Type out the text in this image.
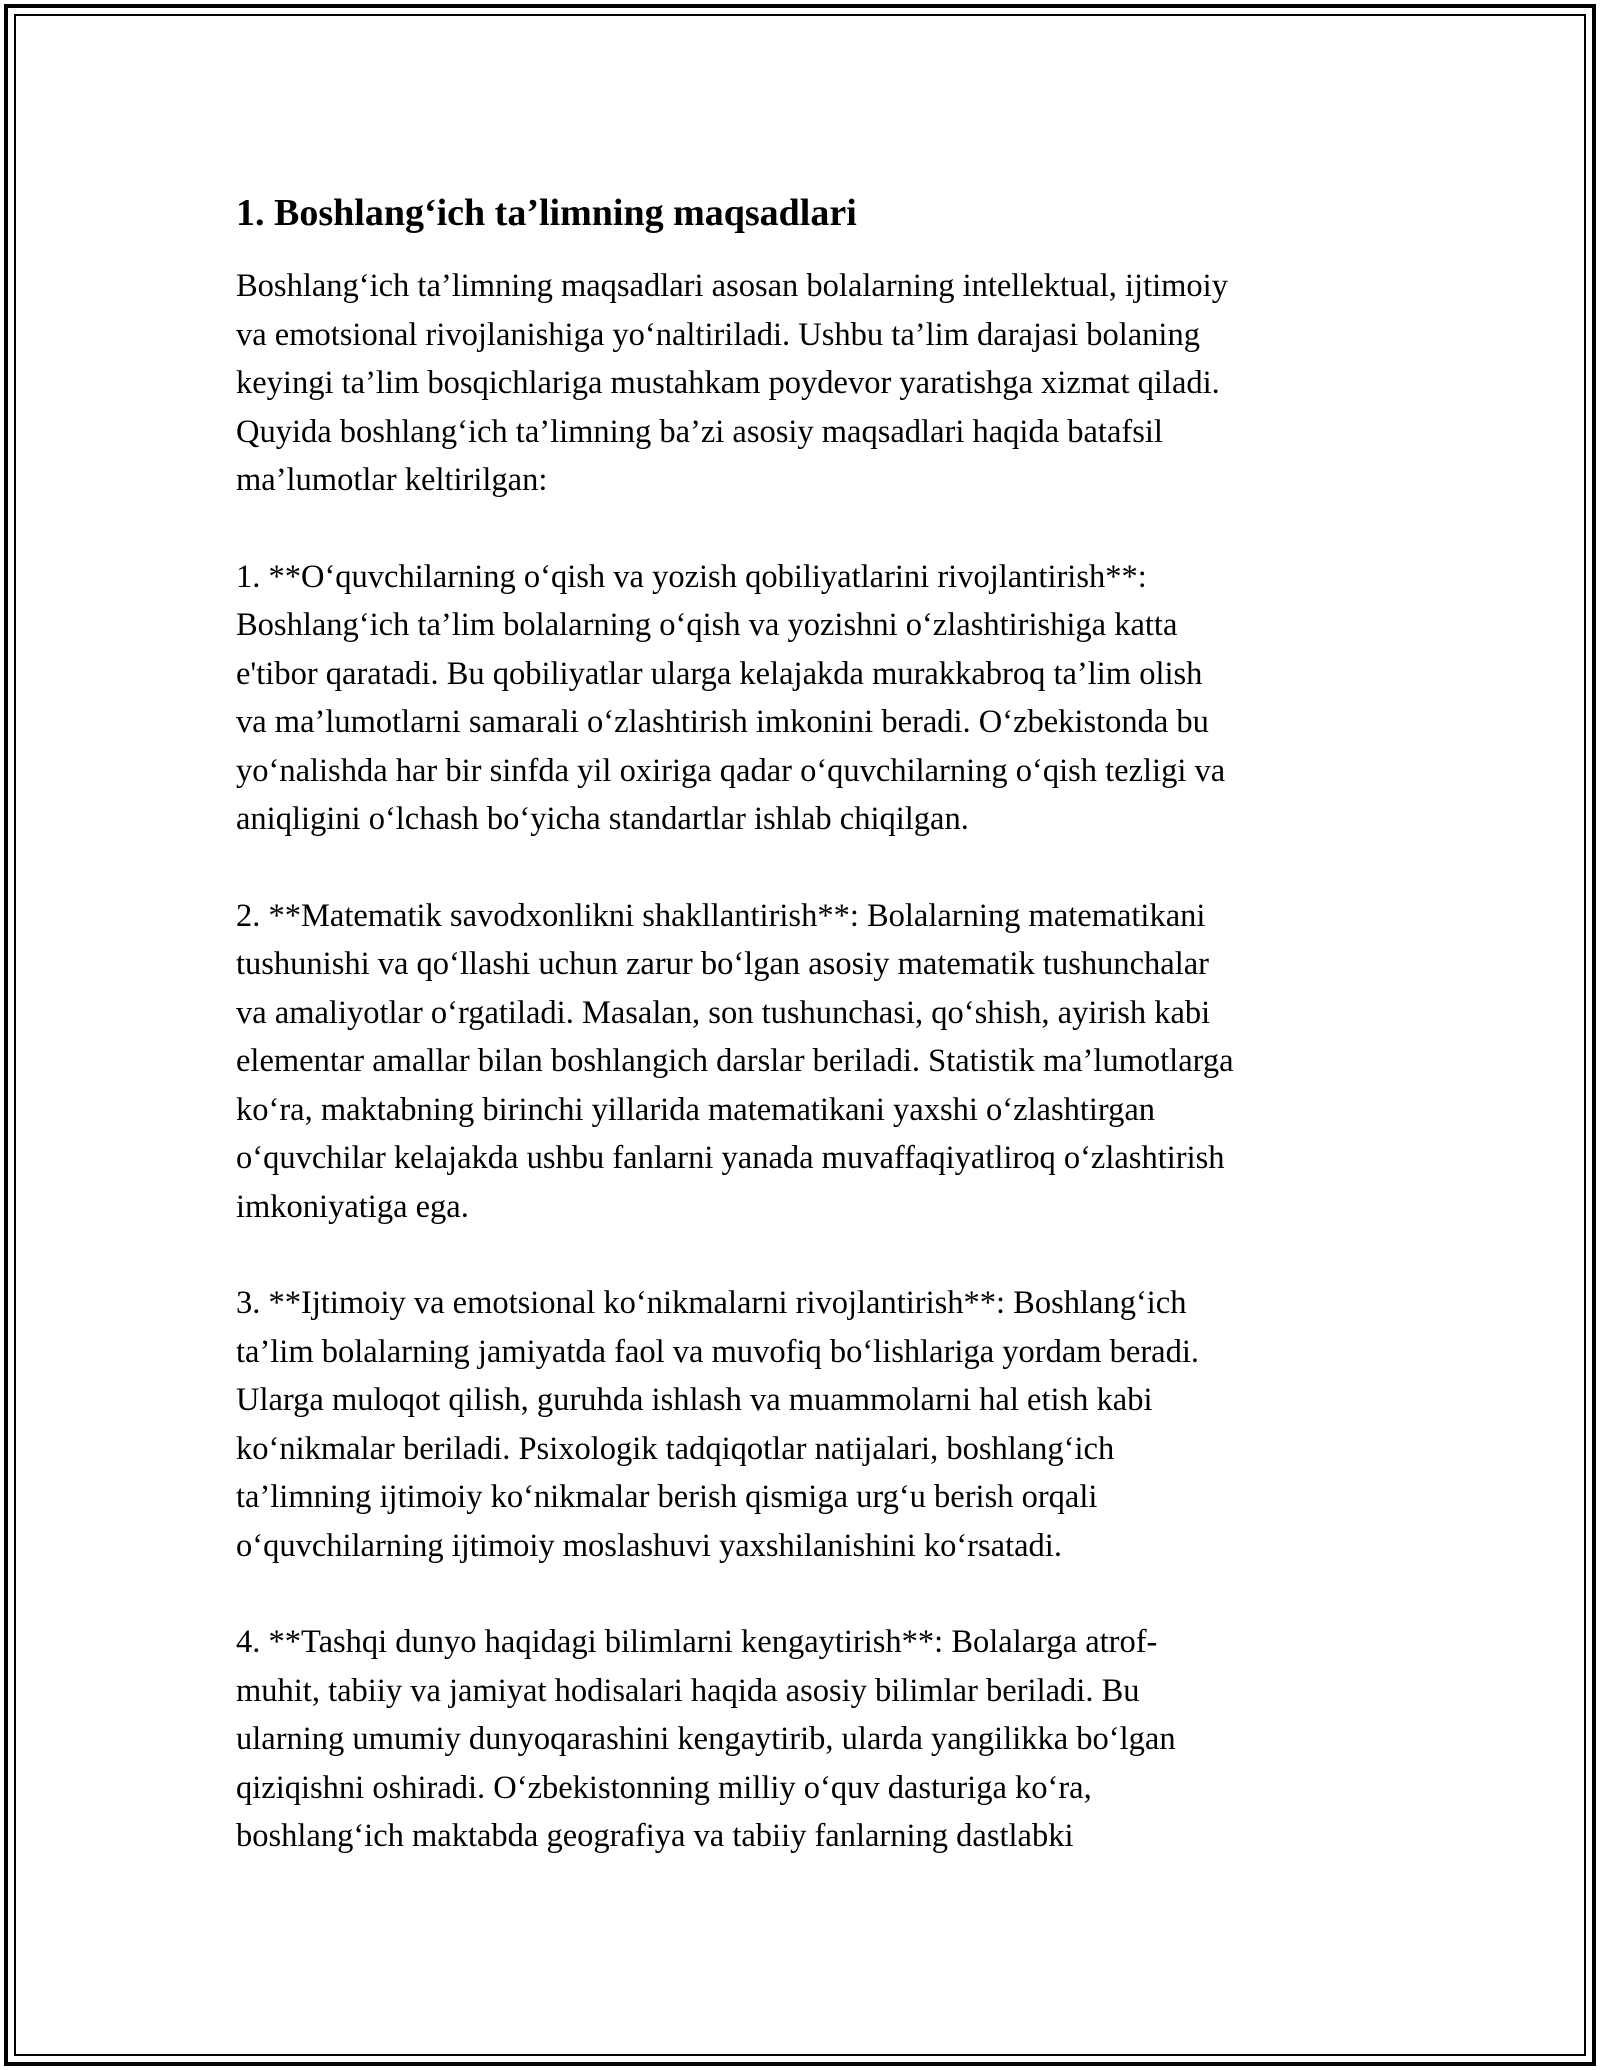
1. Boshlang‘ich ta’limning maqsadlari

Boshlang‘ich ta’limning maqsadlari asosan bolalarning intellektual, ijtimoiy
va emotsional rivojlanishiga yo‘naltiriladi. Ushbu ta’lim darajasi bolaning
keyingi ta’lim bosqichlariga mustahkam poydevor yaratishga xizmat qiladi.
Quyida boshlang‘ich ta’limning ba’zi asosiy maqsadlari haqida batafsil
ma’lumotlar keltirilgan:

1. **O‘quvchilarning o‘qish va yozish qobiliyatlarini rivojlantirish**:
Boshlang‘ich ta’lim bolalarning o‘qish va yozishni o‘zlashtirishiga katta
e'tibor qaratadi. Bu qobiliyatlar ularga kelajakda murakkabroq ta’lim olish
va ma’lumotlarni samarali o‘zlashtirish imkonini beradi. O‘zbekistonda bu
yo‘nalishda har bir sinfda yil oxiriga qadar o‘quvchilarning o‘qish tezligi va
aniqligini o‘lchash bo‘yicha standartlar ishlab chiqilgan.

2. **Matematik savodxonlikni shakllantirish**: Bolalarning matematikani
tushunishi va qo‘llashi uchun zarur bo‘lgan asosiy matematik tushunchalar
va amaliyotlar o‘rgatiladi. Masalan, son tushunchasi, qo‘shish, ayirish kabi
elementar amallar bilan boshlangich darslar beriladi. Statistik ma’lumotlarga
ko‘ra, maktabning birinchi yillarida matematikani yaxshi o‘zlashtirgan
o‘quvchilar kelajakda ushbu fanlarni yanada muvaffaqiyatliroq o‘zlashtirish
imkoniyatiga ega.

3. **Ijtimoiy va emotsional ko‘nikmalarni rivojlantirish**: Boshlang‘ich
ta’lim bolalarning jamiyatda faol va muvofiq bo‘lishlariga yordam beradi.
Ularga muloqot qilish, guruhda ishlash va muammolarni hal etish kabi
ko‘nikmalar beriladi. Psixologik tadqiqotlar natijalari, boshlang‘ich
ta’limning ijtimoiy ko‘nikmalar berish qismiga urg‘u berish orqali
o‘quvchilarning ijtimoiy moslashuvi yaxshilanishini ko‘rsatadi.

4. **Tashqi dunyo haqidagi bilimlarni kengaytirish**: Bolalarga atrof-
muhit, tabiiy va jamiyat hodisalari haqida asosiy bilimlar beriladi. Bu
ularning umumiy dunyoqarashini kengaytirib, ularda yangilikka bo‘lgan
qiziqishni oshiradi. O‘zbekistonning milliy o‘quv dasturiga ko‘ra,
boshlang‘ich maktabda geografiya va tabiiy fanlarning dastlabki
